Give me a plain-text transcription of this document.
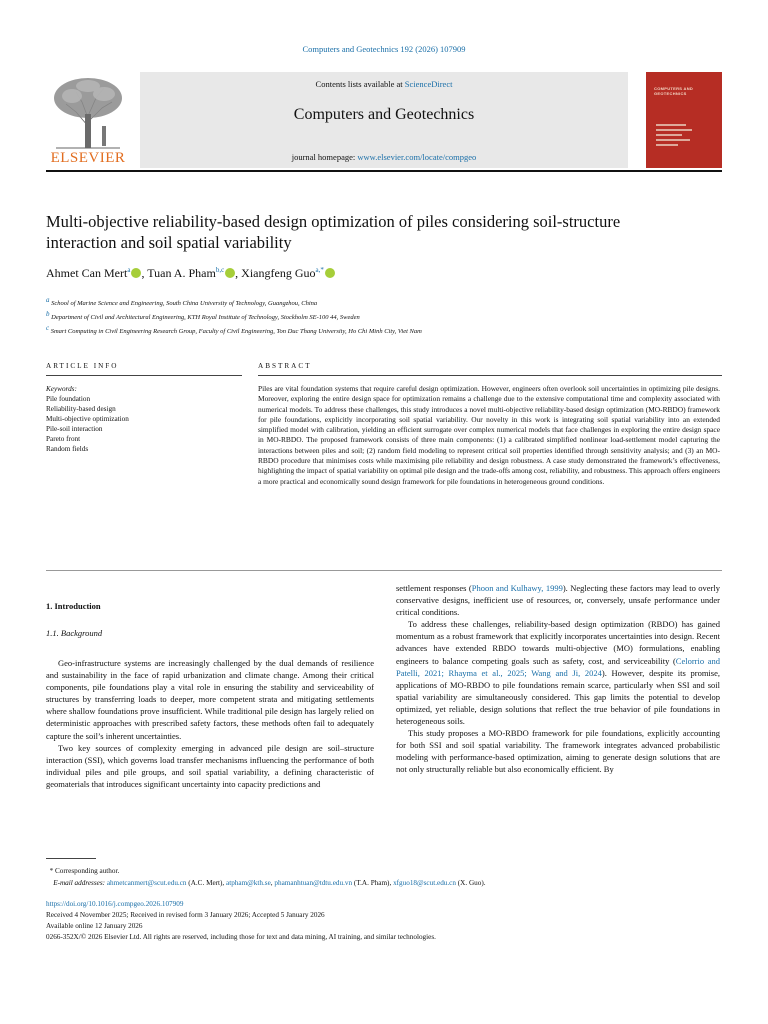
Computers and Geotechnics 192 (2026) 107909
ELSEVIER
Contents lists available at ScienceDirect
Computers and Geotechnics
journal homepage: www.elsevier.com/locate/compgeo
COMPUTERS AND GEOTECHNICS
Multi-objective reliability-based design optimization of piles considering soil-structure interaction and soil spatial variability
Ahmet Can Mert$^a$ , Tuan A. Pham$^{b,c}$ , Xiangfeng Guo$^{a,*}$
$^a$ School of Marine Science and Engineering, South China University of Technology, Guangzhou, China
$^b$ Department of Civil and Architectural Engineering, KTH Royal Institute of Technology, Stockholm SE-100 44, Sweden
$^c$ Smart Computing in Civil Engineering Research Group, Faculty of Civil Engineering, Ton Duc Thang University, Ho Chi Minh City, Viet Nam
ARTICLE INFO	ABSTRACT
Keywords:
Pile foundation
Reliability-based design
Multi-objective optimization
Pile-soil interaction
Pareto front
Random fields
Piles are vital foundation systems that require careful design optimization. However, engineers often overlook soil uncertainties in optimizing pile designs. Moreover, exploring the entire design space for optimization remains a challenge due to the extensive computational time and complexity associated with numerical models. To address these challenges, this study introduces a novel multi-objective reliability-based design optimization (MO-RBDO) framework for pile foundations, explicitly incorporating soil spatial variability. Our novelty in this work is integrating soil spatial variability into an extended simplified model with calibration, yielding an efficient surrogate over complex numerical models that face challenges in exploring the entire design space in MO-RBDO. The proposed framework consists of three main components: (1) a calibrated simplified nonlinear load-settlement model capturing the interactions between piles and soil; (2) random field modeling to represent critical soil properties identified through sensitivity analysis; and (3) an MO-RBDO procedure that minimises costs while maximising pile reliability and design robustness. A case study demonstrated the framework’s effectiveness, highlighting the impact of spatial variability on optimal pile design and the trade-offs among cost, reliability, and robustness. This approach offers engineers a more practical and economically sound design framework for pile foundations in heterogeneous ground conditions.
1. Introduction
1.1. Background

Geo-infrastructure systems are increasingly challenged by the dual demands of resilience and sustainability in the face of rapid urbanization and climate change. Among their critical components, pile foundations play a vital role in ensuring the stability and serviceability of structures by transferring loads to deeper, more competent strata and mitigating settlements where shallow foundations prove insufficient. While traditional pile design has largely relied on deterministic approaches with prescribed safety factors, these methods often fail to adequately capture the soil’s inherent uncertainties.

Two key sources of complexity emerging in advanced pile design are soil–structure interaction (SSI), which governs load transfer mechanisms influencing the performance of both individual piles and pile groups, and soil spatial variability, a defining characteristic of geomaterials that introduces significant uncertainty into capacity predictions and

settlement responses (Phoon and Kulhawy, 1999). Neglecting these factors may lead to overly conservative designs, inefficient use of resources, or, conversely, unsafe performance under critical conditions.

To address these challenges, reliability-based design optimization (RBDO) has gained momentum as a robust framework that explicitly incorporates uncertainties into design. Recent advances have extended RBDO towards multi-objective (MO) formulations, enabling engineers to balance competing goals such as safety, cost, and serviceability (Celorrio and Patelli, 2021; Rhayma et al., 2025; Wang and Ji, 2024). However, despite its promise, applications of MO-RBDO to pile foundations remain scarce, particularly when SSI and soil spatial variability are simultaneously considered. This gap limits the potential to develop optimized, yet reliable, design solutions that reflect the true behavior of pile foundations in heterogeneous soils.

This study proposes a MO-RBDO framework for pile foundations, explicitly accounting for both SSI and soil spatial variability. The framework integrates advanced probabilistic modeling with performance-based optimization, aiming to generate design solutions that are not only structurally reliable but also economically efficient. By

* Corresponding author.
E-mail addresses: ahmetcanmert@scut.edu.cn (A.C. Mert), atpham@kth.se, phamanhtuan@tdtu.edu.vn (T.A. Pham), xfguo18@scut.edu.cn (X. Guo).
https://doi.org/10.1016/j.compgeo.2026.107909
Received 4 November 2025; Received in revised form 3 January 2026; Accepted 5 January 2026
Available online 12 January 2026
0266-352X/© 2026 Elsevier Ltd. All rights are reserved, including those for text and data mining, AI training, and similar technologies.
